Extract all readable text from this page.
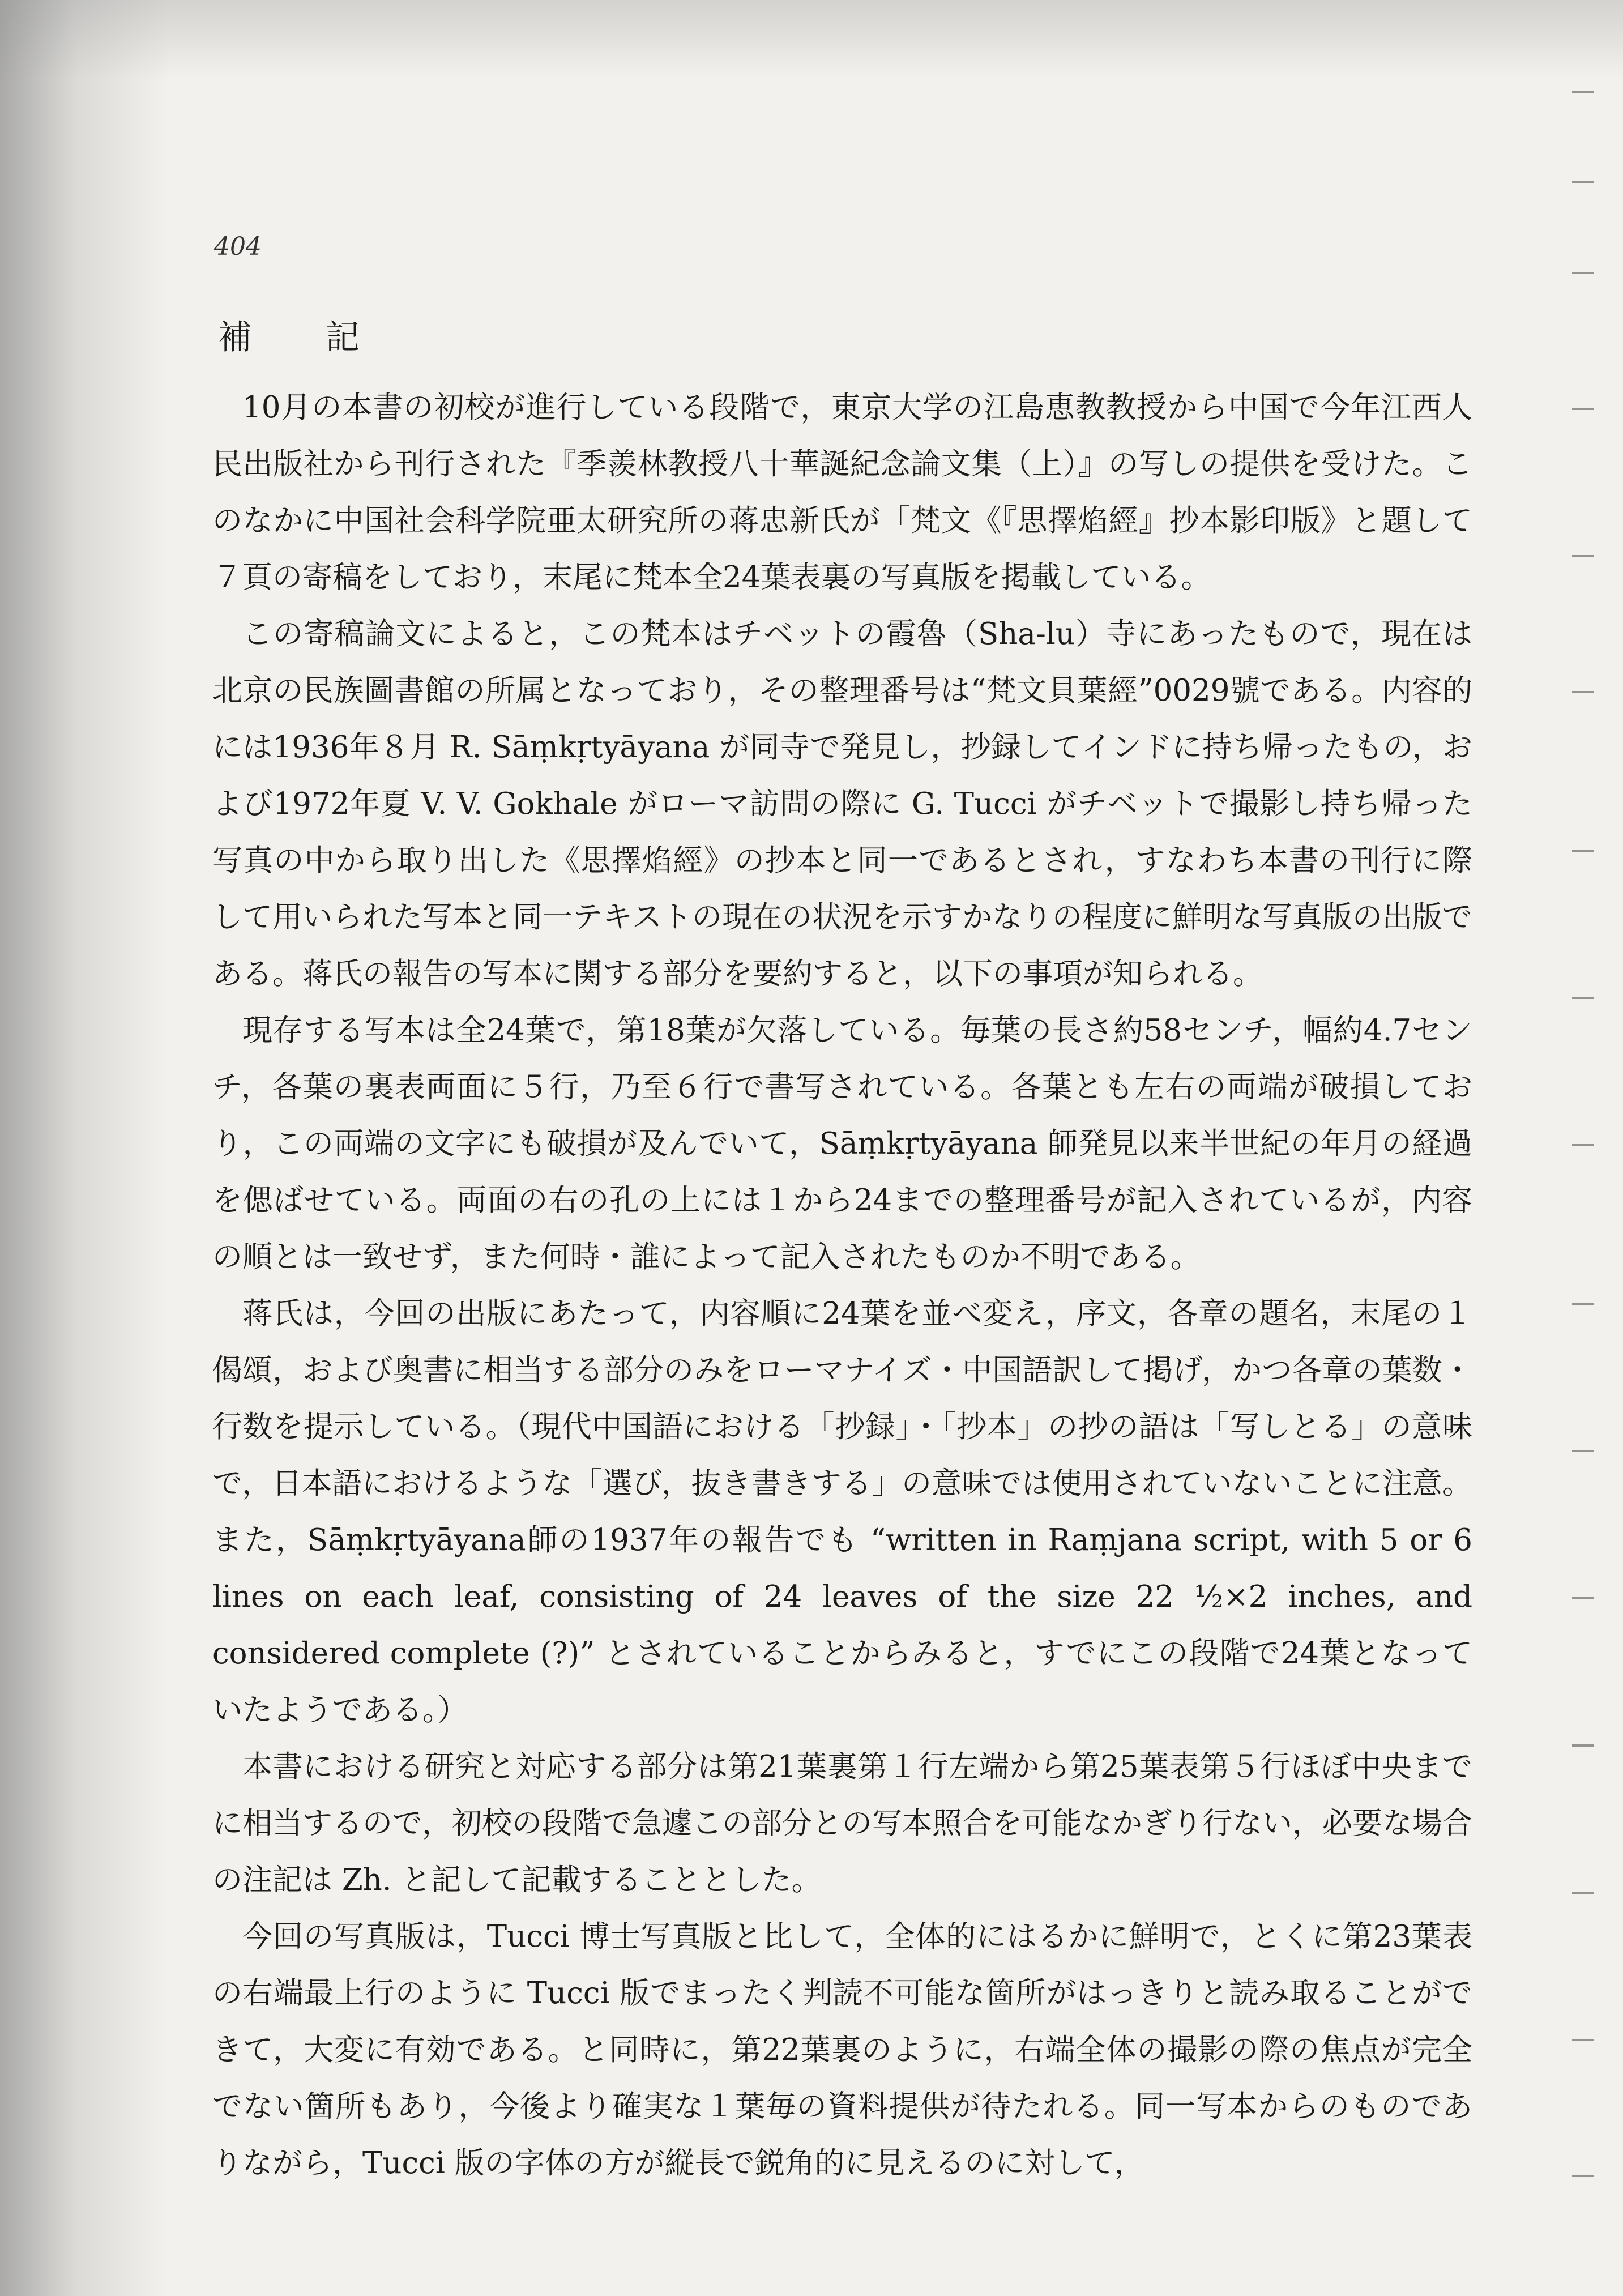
404
補記

10月の本書の初校が進行している段階で，東京大学の江島恵教教授から中国で今年江西人民出版社から刊行された『季羨林教授八十華誕紀念論文集（上）』の写しの提供を受けた。このなかに中国社会科学院亜太研究所の蒋忠新氏が「梵文《『思擇焰經』抄本影印版》と題して７頁の寄稿をしており，末尾に梵本全24葉表裏の写真版を掲載している。

この寄稿論文によると，この梵本はチベットの霞魯（Sha-lu）寺にあったもので，現在は北京の民族圖書館の所属となっており，その整理番号は“梵文貝葉經”0029號である。内容的には1936年８月 R. Sāṃkṛtyāyana が同寺で発見し，抄録してインドに持ち帰ったもの，および1972年夏 V. V. Gokhale がローマ訪問の際に G. Tucci がチベットで撮影し持ち帰った写真の中から取り出した《思擇焰經》の抄本と同一であるとされ，すなわち本書の刊行に際して用いられた写本と同一テキストの現在の状況を示すかなりの程度に鮮明な写真版の出版である。蒋氏の報告の写本に関する部分を要約すると，以下の事項が知られる。

現存する写本は全24葉で，第18葉が欠落している。毎葉の長さ約58センチ，幅約4.7センチ，各葉の裏表両面に５行，乃至６行で書写されている。各葉とも左右の両端が破損しており，この両端の文字にも破損が及んでいて，Sāṃkṛtyāyana 師発見以来半世紀の年月の経過を偲ばせている。両面の右の孔の上には１から24までの整理番号が記入されているが，内容の順とは一致せず，また何時・誰によって記入されたものか不明である。

蒋氏は，今回の出版にあたって，内容順に24葉を並べ変え，序文，各章の題名，末尾の１偈頌，および奥書に相当する部分のみをローマナイズ・中国語訳して掲げ，かつ各章の葉数・行数を提示している。（現代中国語における「抄録」・「抄本」の抄の語は「写しとる」の意味で，日本語におけるような「選び，抜き書きする」の意味では使用されていないことに注意。また，Sāṃkṛtyāyana師の1937年の報告でも “written in Raṃjana script, with 5 or 6 lines on each leaf, consisting of 24 leaves of the size 22 ½×2 inches, and considered complete (?)” とされていることからみると，すでにこの段階で24葉となっていたようである。）

本書における研究と対応する部分は第21葉裏第１行左端から第25葉表第５行ほぼ中央までに相当するので，初校の段階で急遽この部分との写本照合を可能なかぎり行ない，必要な場合の注記は Zh. と記して記載することとした。

今回の写真版は，Tucci 博士写真版と比して，全体的にはるかに鮮明で，とくに第23葉表の右端最上行のように Tucci 版でまったく判読不可能な箇所がはっきりと読み取ることができて，大変に有効である。と同時に，第22葉裏のように，右端全体の撮影の際の焦点が完全でない箇所もあり，今後より確実な１葉毎の資料提供が待たれる。同一写本からのものでありながら，Tucci 版の字体の方が縦長で鋭角的に見えるのに対して，
